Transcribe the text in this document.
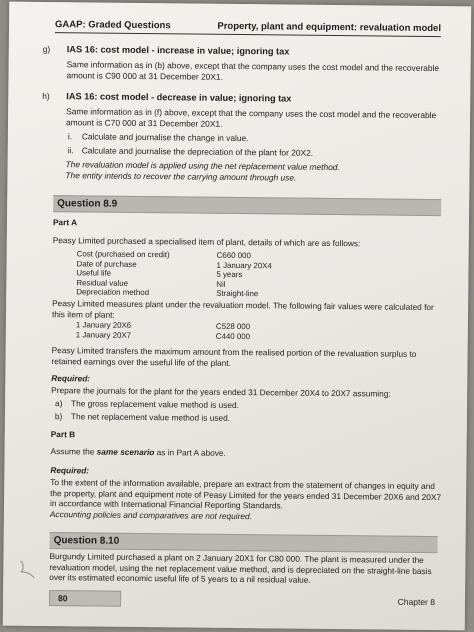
GAAP: Graded Questions	Property, plant and equipment: revaluation model
g) IAS 16: cost model - increase in value; ignoring tax
Same information as in (b) above, except that the company uses the cost model and the recoverable amount is C90 000 at 31 December 20X1.
h) IAS 16: cost model - decrease in value; ignoring tax
Same information as in (f) above, except that the company uses the cost model and the recoverable amount is C70 000 at 31 December 20X1.
i. Calculate and journalise the change in value.
ii. Calculate and journalise the depreciation of the plant for 20X2.
The revaluation model is applied using the net replacement value method.
The entity intends to recover the carrying amount through use.
Question 8.9
Part A
Peasy Limited purchased a specialised item of plant, details of which are as follows:
Cost (purchased on credit)	C660 000
Date of purchase	1 January 20X4
Useful life	5 years
Residual value	Nil
Depreciation method	Straight-line
Peasy Limited measures plant under the revaluation model. The following fair values were calculated for this item of plant:
1 January 20X6	C528 000
1 January 20X7	C440 000
Peasy Limited transfers the maximum amount from the realised portion of the revaluation surplus to retained earnings over the useful life of the plant.
Required:
Prepare the journals for the plant for the years ended 31 December 20X4 to 20X7 assuming:
a) The gross replacement value method is used.
b) The net replacement value method is used.
Part B
Assume the same scenario as in Part A above.
Required:
To the extent of the information available, prepare an extract from the statement of changes in equity and the property, plant and equipment note of Peasy Limited for the years ended 31 December 20X6 and 20X7 in accordance with International Financial Reporting Standards.
Accounting policies and comparatives are not required.
Question 8.10
Burgundy Limited purchased a plant on 2 January 20X1 for C80 000. The plant is measured under the revaluation model, using the net replacement value method, and is depreciated on the straight-line basis over its estimated economic useful life of 5 years to a nil residual value.
80	Chapter 8
